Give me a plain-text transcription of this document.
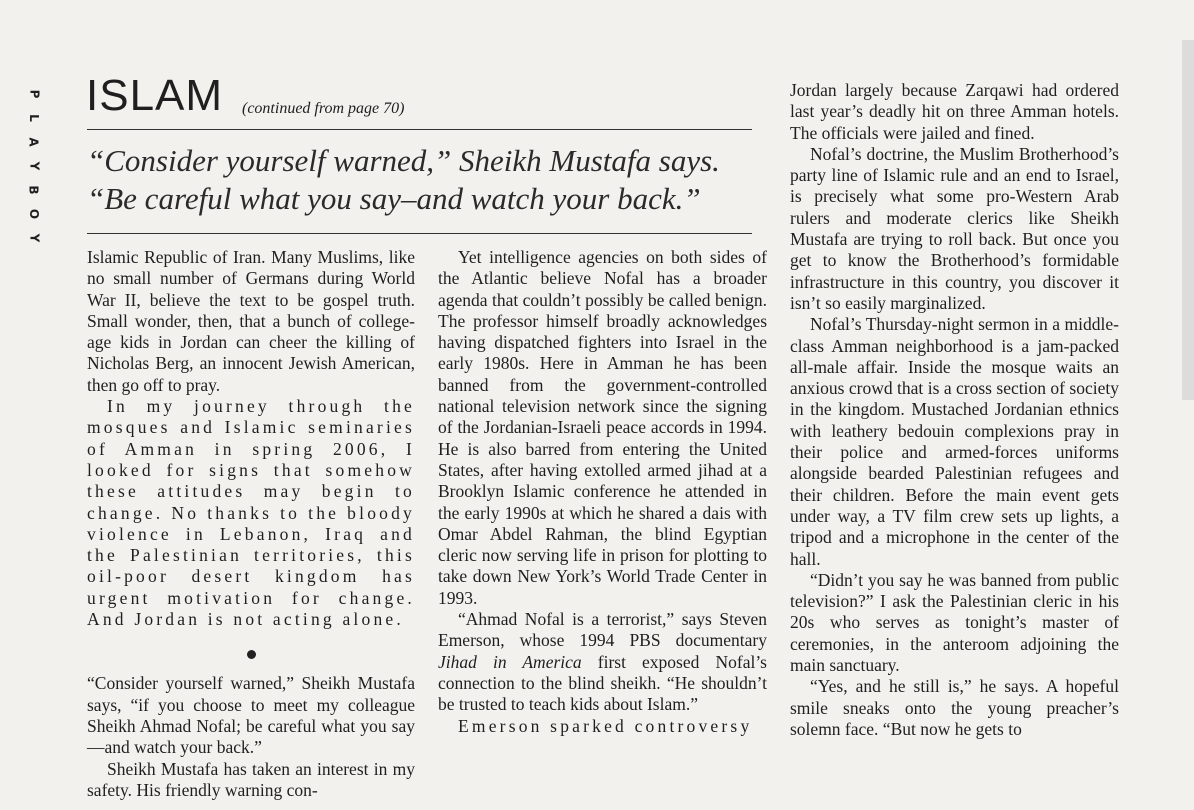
P
L
A
Y
B
O
Y
ISLAM (continued from page 70)
“Consider yourself warned,” Sheikh Mustafa says.
“Be careful what you say–and watch your back.”

Islamic Republic of Iran. Many Muslims, like no small number of Germans during World War II, believe the text to be gospel truth. Small wonder, then, that a bunch of college-age kids in Jordan can cheer the killing of Nicholas Berg, an innocent Jewish American, then go off to pray.

In my journey through the mosques and Islamic seminaries of Amman in spring 2006, I looked for signs that somehow these attitudes may begin to change. No thanks to the bloody violence in Lebanon, Iraq and the Palestinian territories, this oil-poor desert kingdom has urgent motivation for change. And Jordan is not acting alone.

“Consider yourself warned,” Sheikh Mustafa says, “if you choose to meet my colleague Sheikh Ahmad Nofal; be careful what you say—and watch your back.”

Sheikh Mustafa has taken an interest in my safety. His friendly warning con-

Yet intelligence agencies on both sides of the Atlantic believe Nofal has a broader agenda that couldn’t possibly be called benign. The professor himself broadly acknowledges having dispatched fighters into Israel in the early 1980s. Here in Amman he has been banned from the government-controlled national television network since the signing of the Jordanian-Israeli peace accords in 1994. He is also barred from entering the United States, after having extolled armed jihad at a Brooklyn Islamic conference he attended in the early 1990s at which he shared a dais with Omar Abdel Rahman, the blind Egyptian cleric now serving life in prison for plotting to take down New York’s World Trade Center in 1993.

“Ahmad Nofal is a terrorist,” says Steven Emerson, whose 1994 PBS documentary Jihad in America first exposed Nofal’s connection to the blind sheikh. “He shouldn’t be trusted to teach kids about Islam.”

Emerson sparked controversy

Jordan largely because Zarqawi had ordered last year’s deadly hit on three Amman hotels. The officials were jailed and fined.

Nofal’s doctrine, the Muslim Brotherhood’s party line of Islamic rule and an end to Israel, is precisely what some pro-Western Arab rulers and moderate clerics like Sheikh Mustafa are trying to roll back. But once you get to know the Brotherhood’s formidable infrastructure in this country, you discover it isn’t so easily marginalized.

Nofal’s Thursday-night sermon in a middle-class Amman neighborhood is a jam-packed all-male affair. Inside the mosque waits an anxious crowd that is a cross section of society in the kingdom. Mustached Jordanian ethnics with leathery bedouin complexions pray in their police and armed-forces uniforms alongside bearded Palestinian refugees and their children. Before the main event gets under way, a TV film crew sets up lights, a tripod and a microphone in the center of the hall.

“Didn’t you say he was banned from public television?” I ask the Palestinian cleric in his 20s who serves as tonight’s master of ceremonies, in the anteroom adjoining the main sanctuary.

“Yes, and he still is,” he says. A hopeful smile sneaks onto the young preacher’s solemn face. “But now he gets to
